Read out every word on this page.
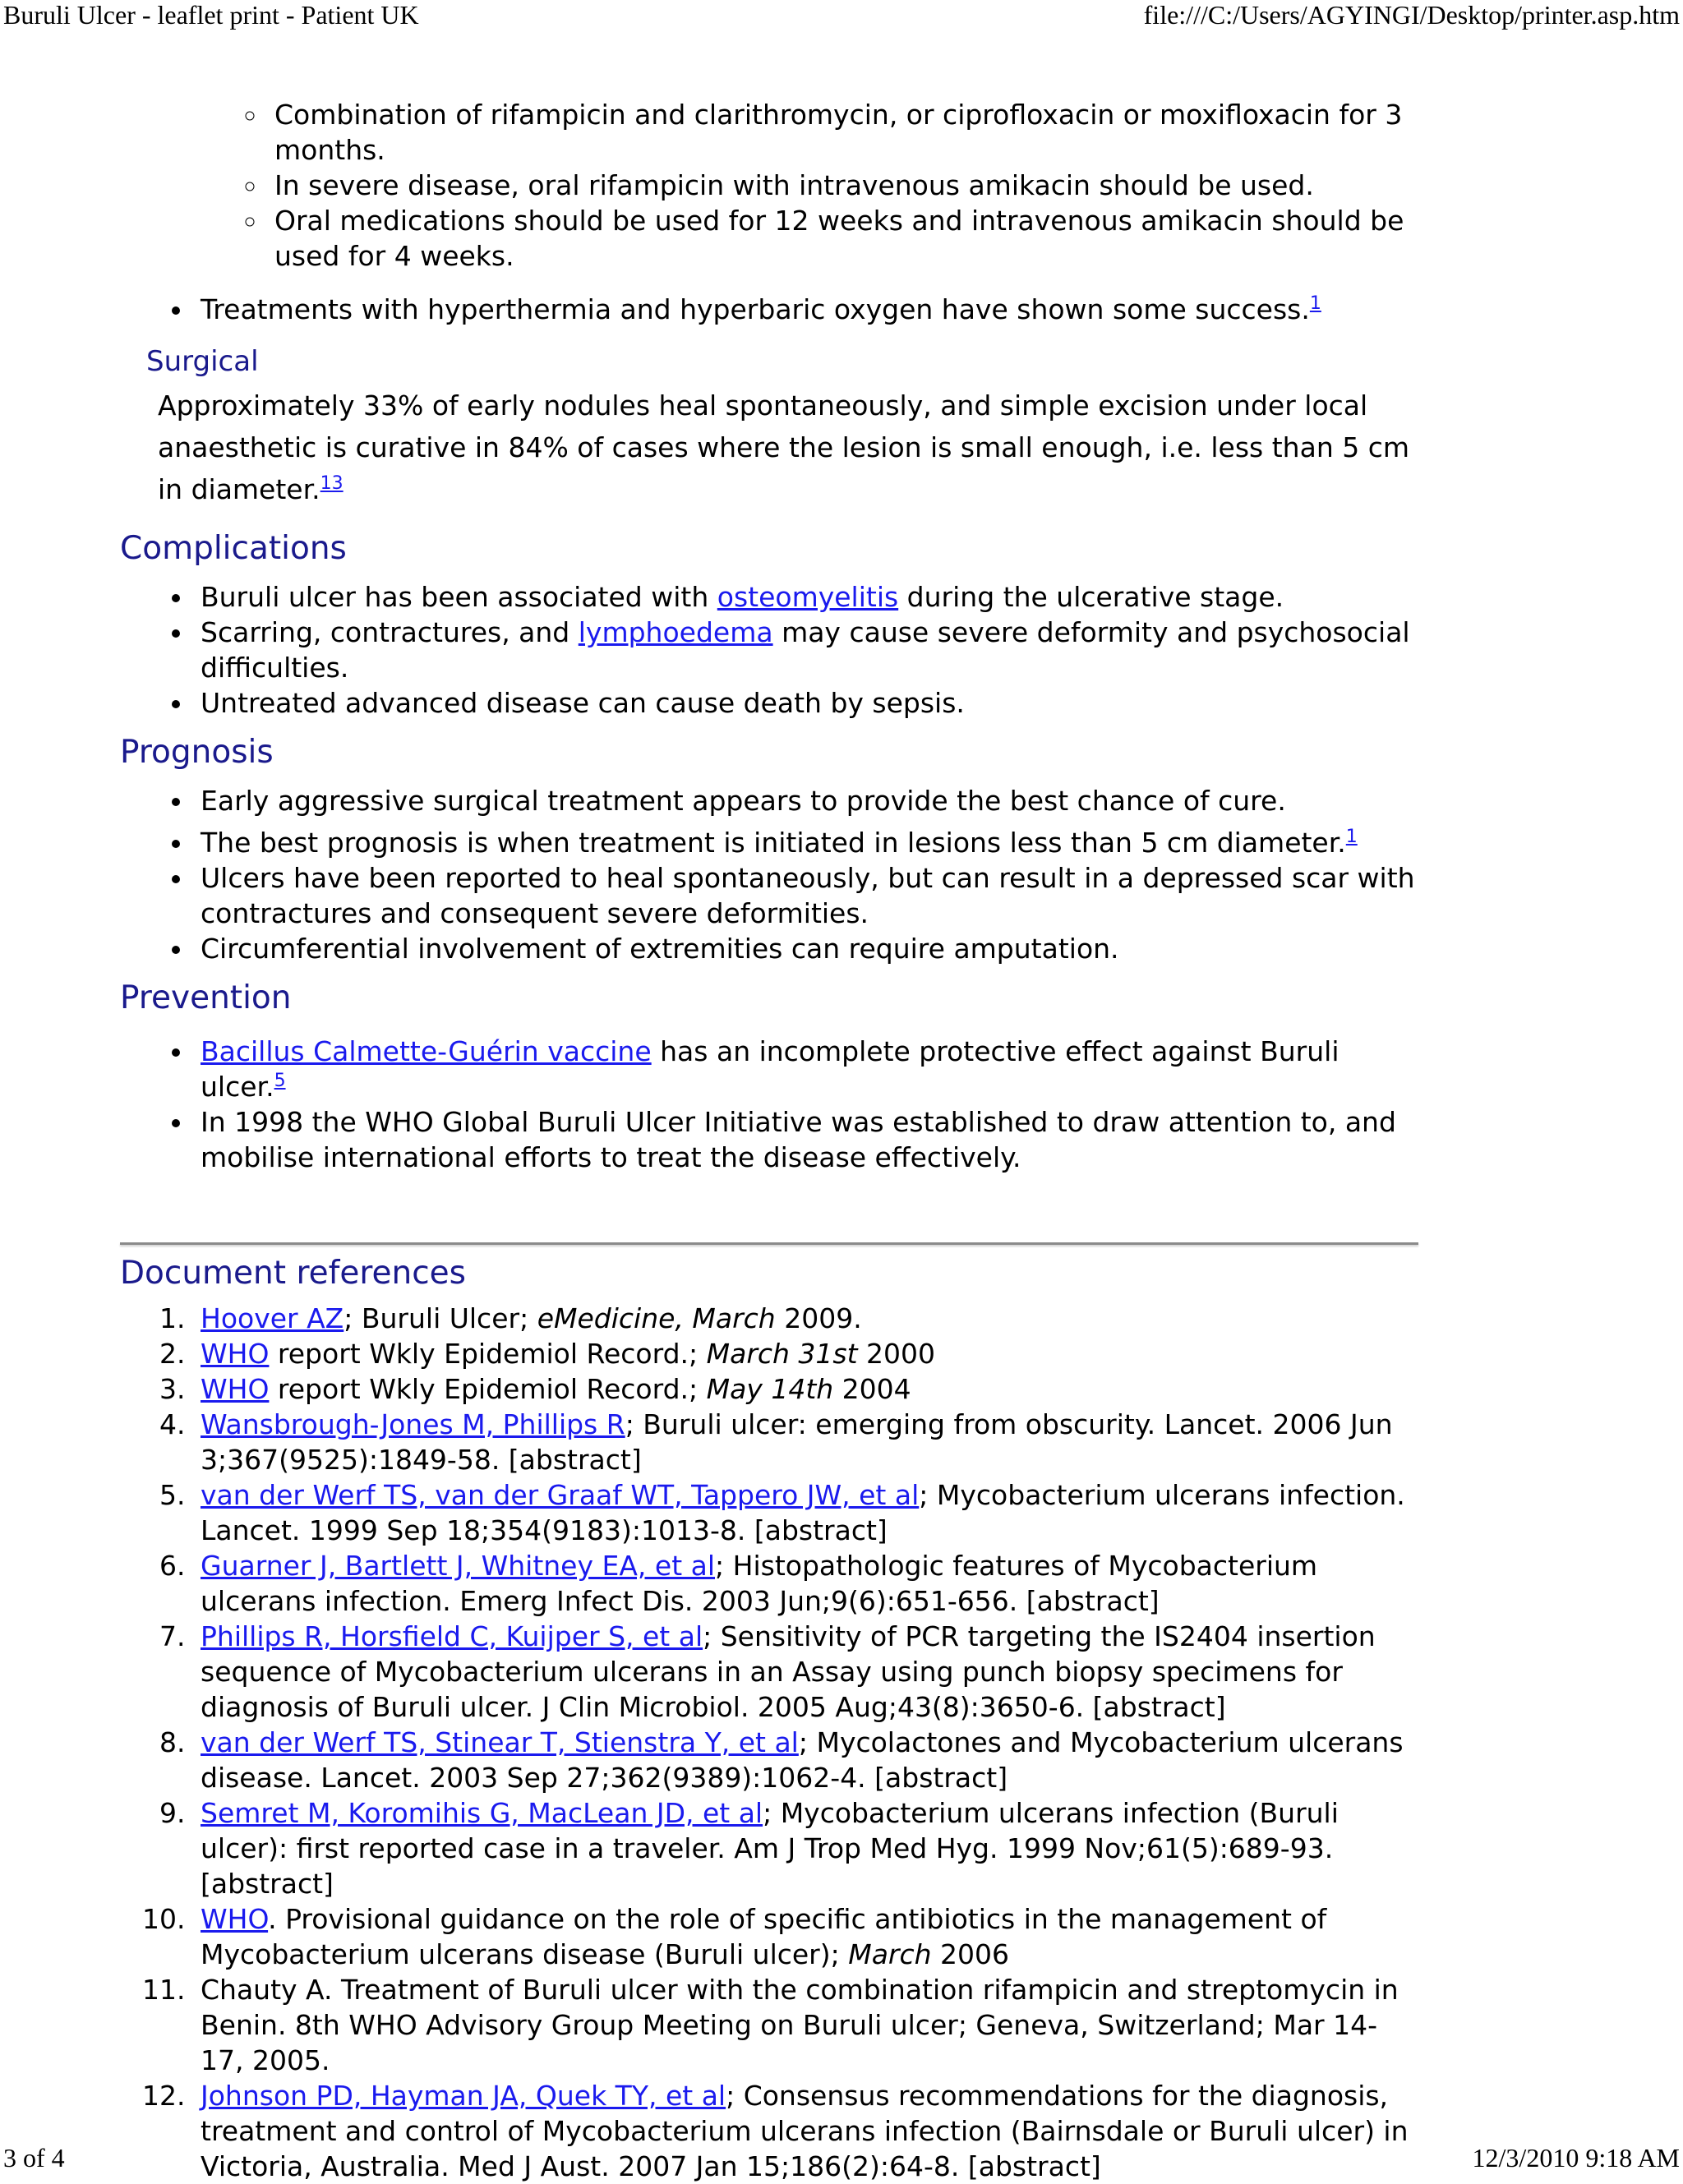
Buruli Ulcer - leaflet print - Patient UK	file:///C:/Users/AGYINGI/Desktop/printer.asp.htm
◦ Combination of rifampicin and clarithromycin, or ciprofloxacin or moxifloxacin for 3 months.
◦ In severe disease, oral rifampicin with intravenous amikacin should be used.
◦ Oral medications should be used for 12 weeks and intravenous amikacin should be used for 4 weeks.
• Treatments with hyperthermia and hyperbaric oxygen have shown some success.$^1$
Surgical

Approximately 33% of early nodules heal spontaneously, and simple excision under local anaesthetic is curative in 84% of cases where the lesion is small enough, i.e. less than 5 cm in diameter.$^{13}$

Complications
• Buruli ulcer has been associated with osteomyelitis during the ulcerative stage.
• Scarring, contractures, and lymphoedema may cause severe deformity and psychosocial difficulties.
• Untreated advanced disease can cause death by sepsis.
Prognosis
• Early aggressive surgical treatment appears to provide the best chance of cure.
• The best prognosis is when treatment is initiated in lesions less than 5 cm diameter.$^1$
• Ulcers have been reported to heal spontaneously, but can result in a depressed scar with contractures and consequent severe deformities.
• Circumferential involvement of extremities can require amputation.
Prevention
• Bacillus Calmette-Guérin vaccine has an incomplete protective effect against Buruli ulcer.$^5$
• In 1998 the WHO Global Buruli Ulcer Initiative was established to draw attention to, and mobilise international efforts to treat the disease effectively.
Document references
1. Hoover AZ; Buruli Ulcer; eMedicine, March 2009.
2. WHO report Wkly Epidemiol Record.; March 31st 2000
3. WHO report Wkly Epidemiol Record.; May 14th 2004
4. Wansbrough-Jones M, Phillips R; Buruli ulcer: emerging from obscurity. Lancet. 2006 Jun 3;367(9525):1849-58. [abstract]
5. van der Werf TS, van der Graaf WT, Tappero JW, et al; Mycobacterium ulcerans infection. Lancet. 1999 Sep 18;354(9183):1013-8. [abstract]
6. Guarner J, Bartlett J, Whitney EA, et al; Histopathologic features of Mycobacterium ulcerans infection. Emerg Infect Dis. 2003 Jun;9(6):651-656. [abstract]
7. Phillips R, Horsfield C, Kuijper S, et al; Sensitivity of PCR targeting the IS2404 insertion sequence of Mycobacterium ulcerans in an Assay using punch biopsy specimens for diagnosis of Buruli ulcer. J Clin Microbiol. 2005 Aug;43(8):3650-6. [abstract]
8. van der Werf TS, Stinear T, Stienstra Y, et al; Mycolactones and Mycobacterium ulcerans disease. Lancet. 2003 Sep 27;362(9389):1062-4. [abstract]
9. Semret M, Koromihis G, MacLean JD, et al; Mycobacterium ulcerans infection (Buruli ulcer): first reported case in a traveler. Am J Trop Med Hyg. 1999 Nov;61(5):689-93. [abstract]
10. WHO. Provisional guidance on the role of specific antibiotics in the management of Mycobacterium ulcerans disease (Buruli ulcer); March 2006
11. Chauty A. Treatment of Buruli ulcer with the combination rifampicin and streptomycin in Benin. 8th WHO Advisory Group Meeting on Buruli ulcer; Geneva, Switzerland; Mar 14-17, 2005.
12. Johnson PD, Hayman JA, Quek TY, et al; Consensus recommendations for the diagnosis, treatment and control of Mycobacterium ulcerans infection (Bairnsdale or Buruli ulcer) in Victoria, Australia. Med J Aust. 2007 Jan 15;186(2):64-8. [abstract]
3 of 4	12/3/2010 9:18 AM
